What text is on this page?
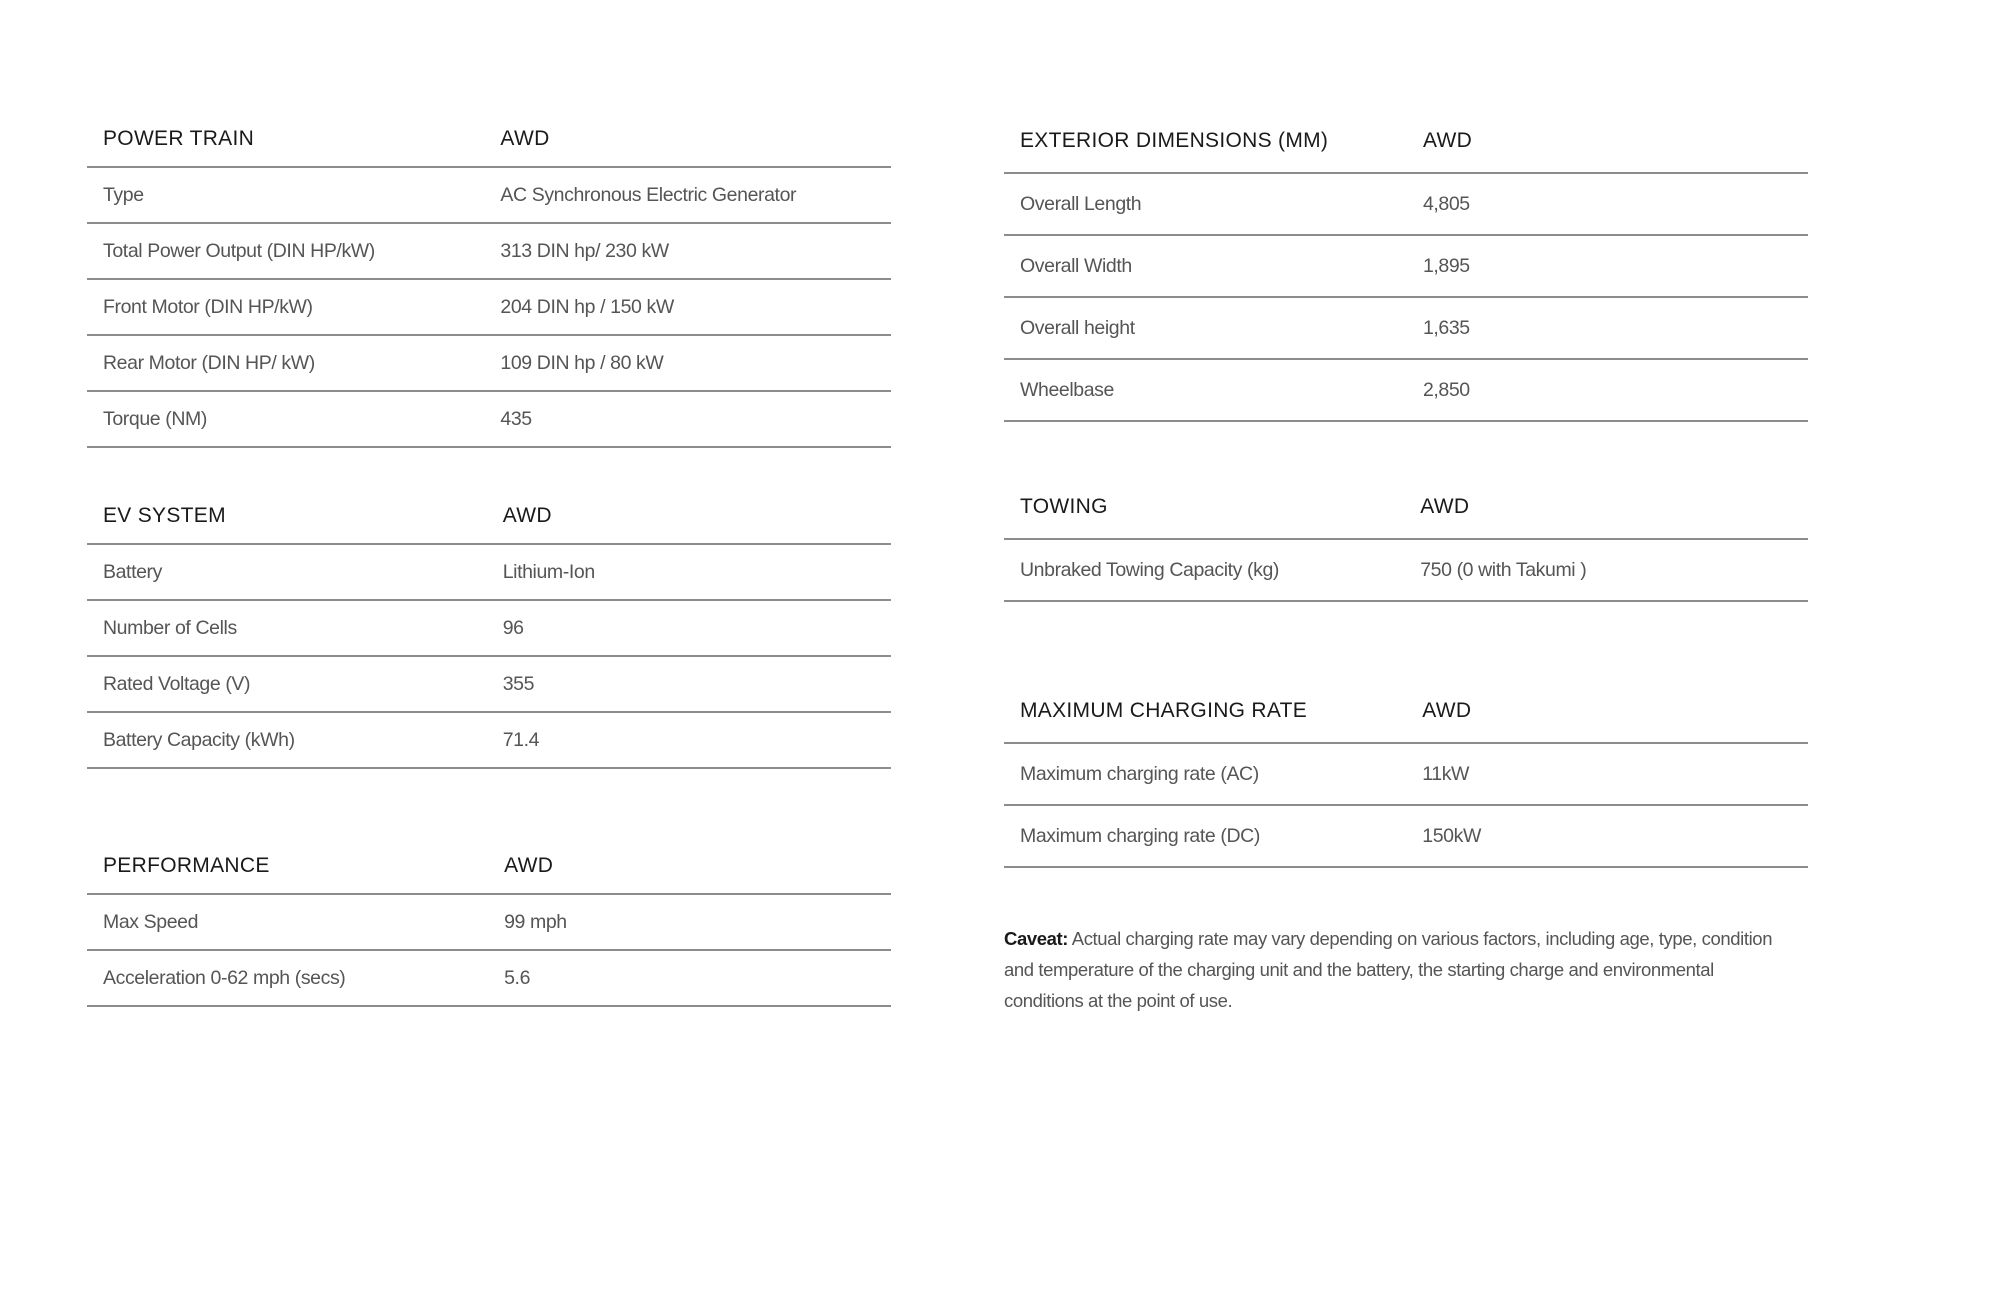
POWER TRAIN	AWD
Type	AC Synchronous Electric Generator
Total Power Output (DIN HP/kW)	313 DIN hp/ 230 kW
Front Motor (DIN HP/kW)	204 DIN hp / 150 kW
Rear Motor (DIN HP/ kW)	109 DIN hp / 80 kW
Torque (NM)	435
EV SYSTEM	AWD
Battery	Lithium-Ion
Number of Cells	96
Rated Voltage (V)	355
Battery Capacity (kWh)	71.4
PERFORMANCE	AWD
Max Speed	99 mph
Acceleration 0-62 mph (secs)	5.6
EXTERIOR DIMENSIONS (MM)	AWD
Overall Length	4,805
Overall Width	1,895
Overall height	1,635
Wheelbase	2,850
TOWING	AWD
Unbraked Towing Capacity (kg)	750 (0 with Takumi )
MAXIMUM CHARGING RATE	AWD
Maximum charging rate (AC)	11kW
Maximum charging rate (DC)	150kW

Caveat: Actual charging rate may vary depending on various factors, including age, type, condition and temperature of the charging unit and the battery, the starting charge and environmental conditions at the point of use.
